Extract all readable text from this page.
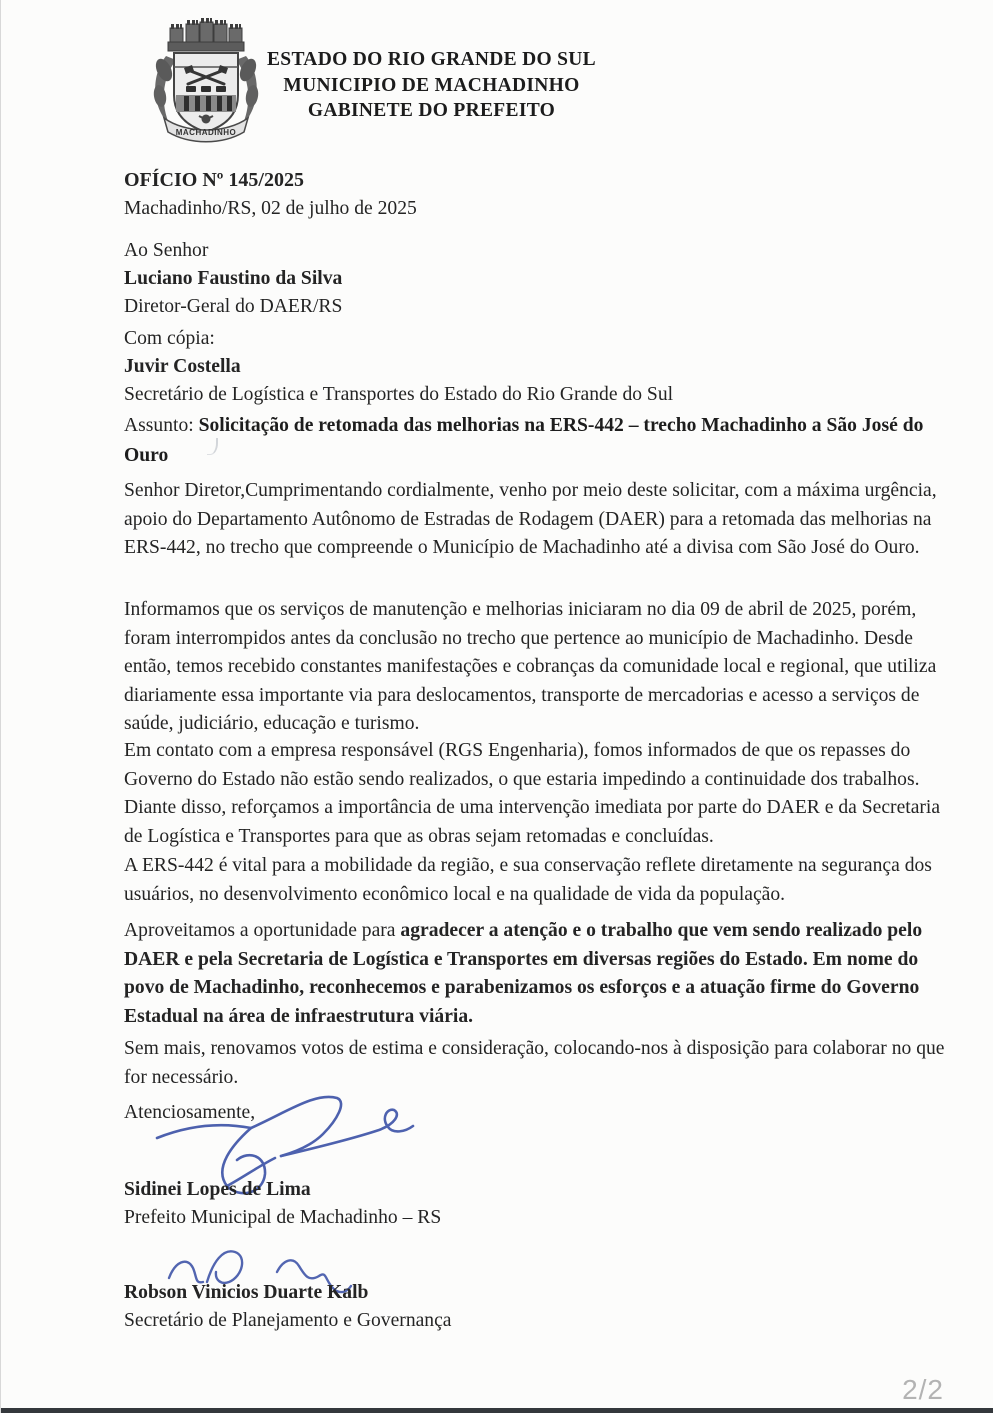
MACHADINHO
ESTADO DO RIO GRANDE DO SUL
MUNICIPIO DE MACHADINHO
GABINETE DO PREFEITO
OFÍCIO Nº 145/2025
Machadinho/RS, 02 de julho de 2025
Ao Senhor
Luciano Faustino da Silva
Diretor-Geral do DAER/RS
Com cópia:
Juvir Costella
Secretário de Logística e Transportes do Estado do Rio Grande do Sul
Assunto: Solicitação de retomada das melhorias na ERS-442 – trecho Machadinho a São José do Ouro

Senhor Diretor,Cumprimentando cordialmente, venho por meio deste solicitar, com a máxima urgência, apoio do Departamento Autônomo de Estradas de Rodagem (DAER) para a retomada das melhorias na ERS-442, no trecho que compreende o Município de Machadinho até a divisa com São José do Ouro.

Informamos que os serviços de manutenção e melhorias iniciaram no dia 09 de abril de 2025, porém, foram interrompidos antes da conclusão no trecho que pertence ao município de Machadinho. Desde então, temos recebido constantes manifestações e cobranças da comunidade local e regional, que utiliza diariamente essa importante via para deslocamentos, transporte de mercadorias e acesso a serviços de saúde, judiciário, educação e turismo.

Em contato com a empresa responsável (RGS Engenharia), fomos informados de que os repasses do Governo do Estado não estão sendo realizados, o que estaria impedindo a continuidade dos trabalhos. Diante disso, reforçamos a importância de uma intervenção imediata por parte do DAER e da Secretaria de Logística e Transportes para que as obras sejam retomadas e concluídas.

A ERS-442 é vital para a mobilidade da região, e sua conservação reflete diretamente na segurança dos usuários, no desenvolvimento econômico local e na qualidade de vida da população.

Aproveitamos a oportunidade para agradecer a atenção e o trabalho que vem sendo realizado pelo DAER e pela Secretaria de Logística e Transportes em diversas regiões do Estado. Em nome do povo de Machadinho, reconhecemos e parabenizamos os esforços e a atuação firme do Governo Estadual na área de infraestrutura viária.

Sem mais, renovamos votos de estima e consideração, colocando-nos à disposição para colaborar no que for necessário.

Atenciosamente,
Sidinei Lopes de Lima
Prefeito Municipal de Machadinho – RS
Robson Vinicios Duarte Kalb
Secretário de Planejamento e Governança
2/2
